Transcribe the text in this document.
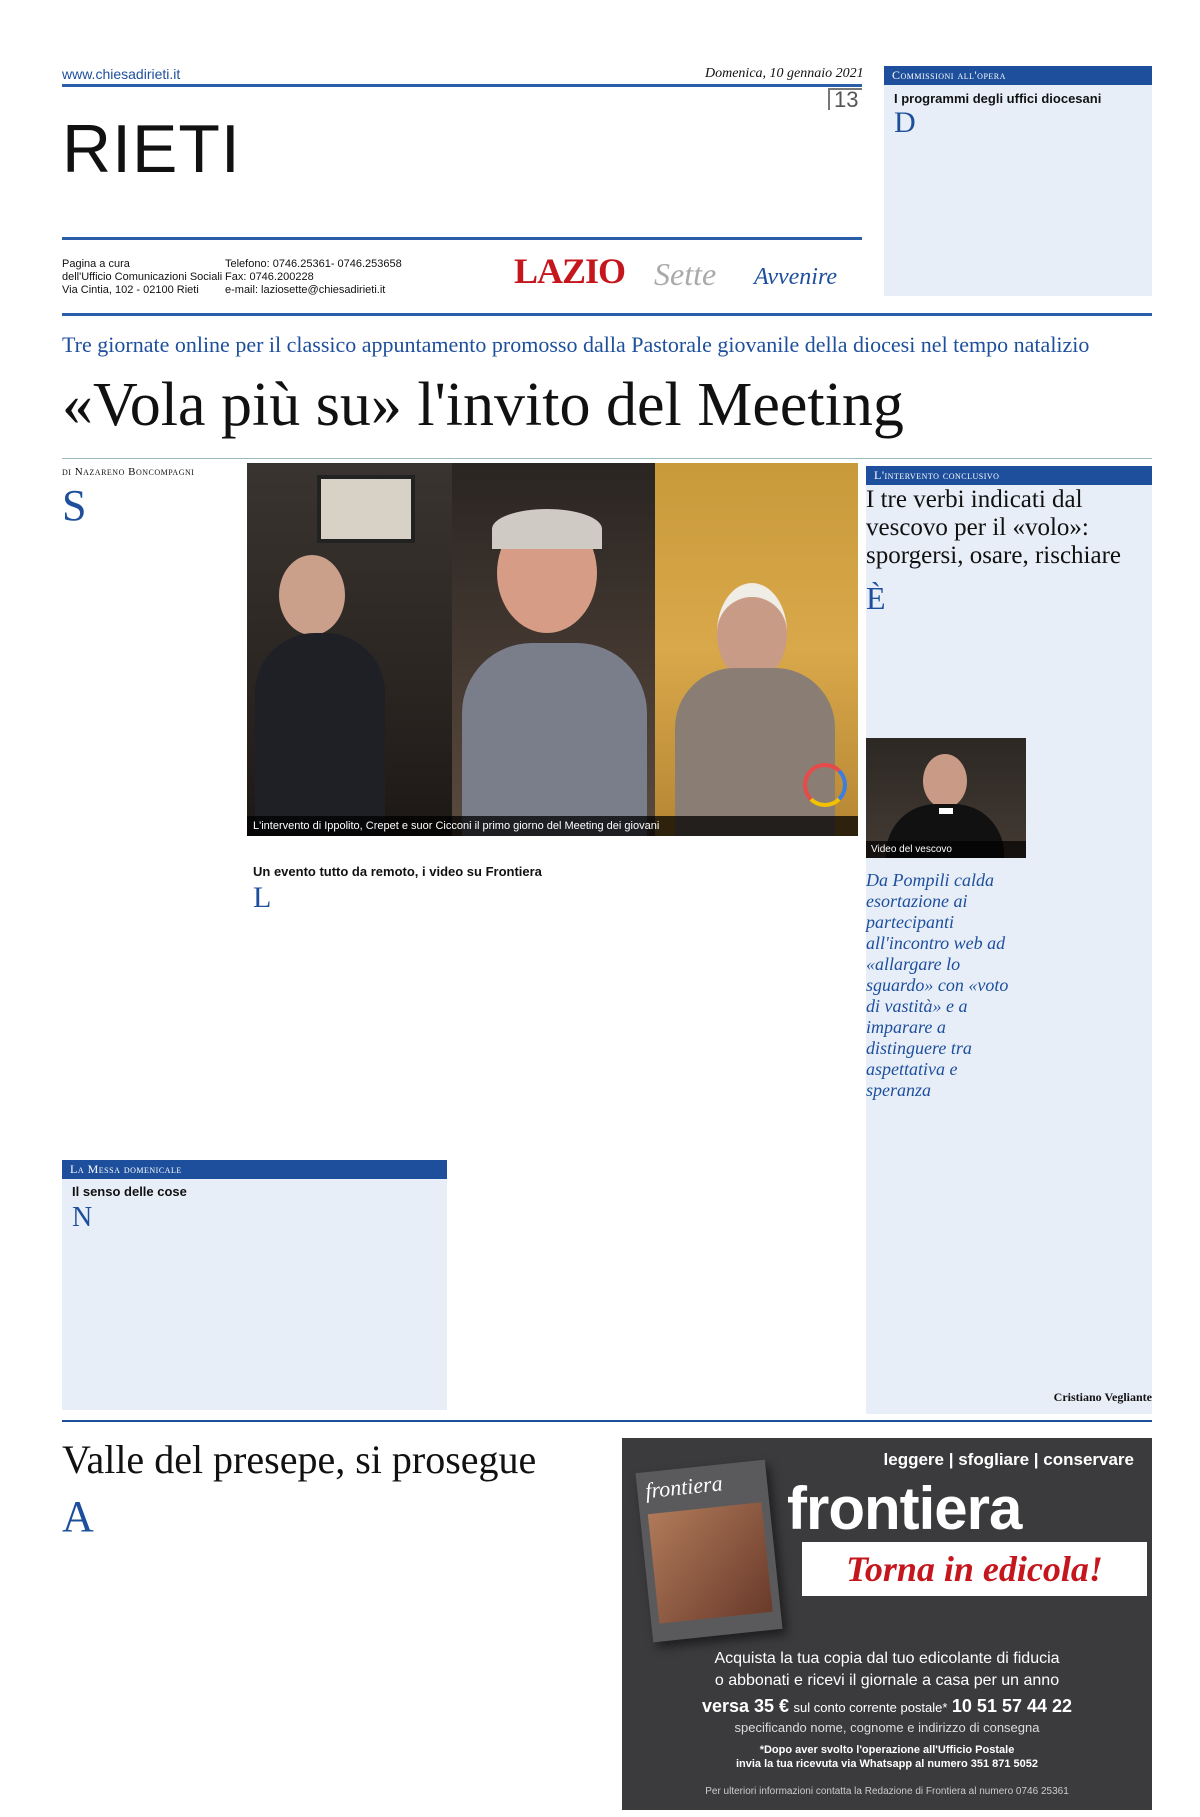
www.chiesadirieti.it	Domenica, 10 gennaio 2021
13
RIETI
Pagina a cura
dell'Ufficio Comunicazioni Sociali
Via Cintia, 102 - 02100 Rieti
Telefono: 0746.25361- 0746.253658
Fax: 0746.200228
e-mail: laziosette@chiesadirieti.it	LAZIO Sette Avvenire
Commissioni all'opera
I programmi degli uffici diocesani
D
Tre giornate online per il classico appuntamento promosso dalla Pastorale giovanile della diocesi nel tempo natalizio
«Vola più su» l'invito del Meeting
di Nazareno Boncompagni
S
L'intervento di Ippolito, Crepet e suor Cicconi il primo giorno del Meeting dei giovani
Un evento tutto da remoto, i video su Frontiera
L
La Messa domenicale
Il senso delle cose
N
L'intervento conclusivo
I tre verbi indicati dal vescovo per il «volo»: sporgersi, osare, rischiare
È
Video del vescovo
Da Pompili calda esortazione ai partecipanti all'incontro web ad «allargare lo sguardo» con «voto di vastità» e a imparare a distinguere tra aspettativa e speranza
Cristiano Vegliante
Valle del presepe, si prosegue
A
leggere | sfogliare | conservare
frontiera	frontiera
Torna in edicola!
Acquista la tua copia dal tuo edicolante di fiducia
o abbonati e ricevi il giornale a casa per un anno
versa 35 € sul conto corrente postale* 10 51 57 44 22
specificando nome, cognome e indirizzo di consegna
*Dopo aver svolto l'operazione all'Ufficio Postale
invia la tua ricevuta via Whatsapp al numero 351 871 5052
Per ulteriori informazioni contatta la Redazione di Frontiera al numero 0746 25361
